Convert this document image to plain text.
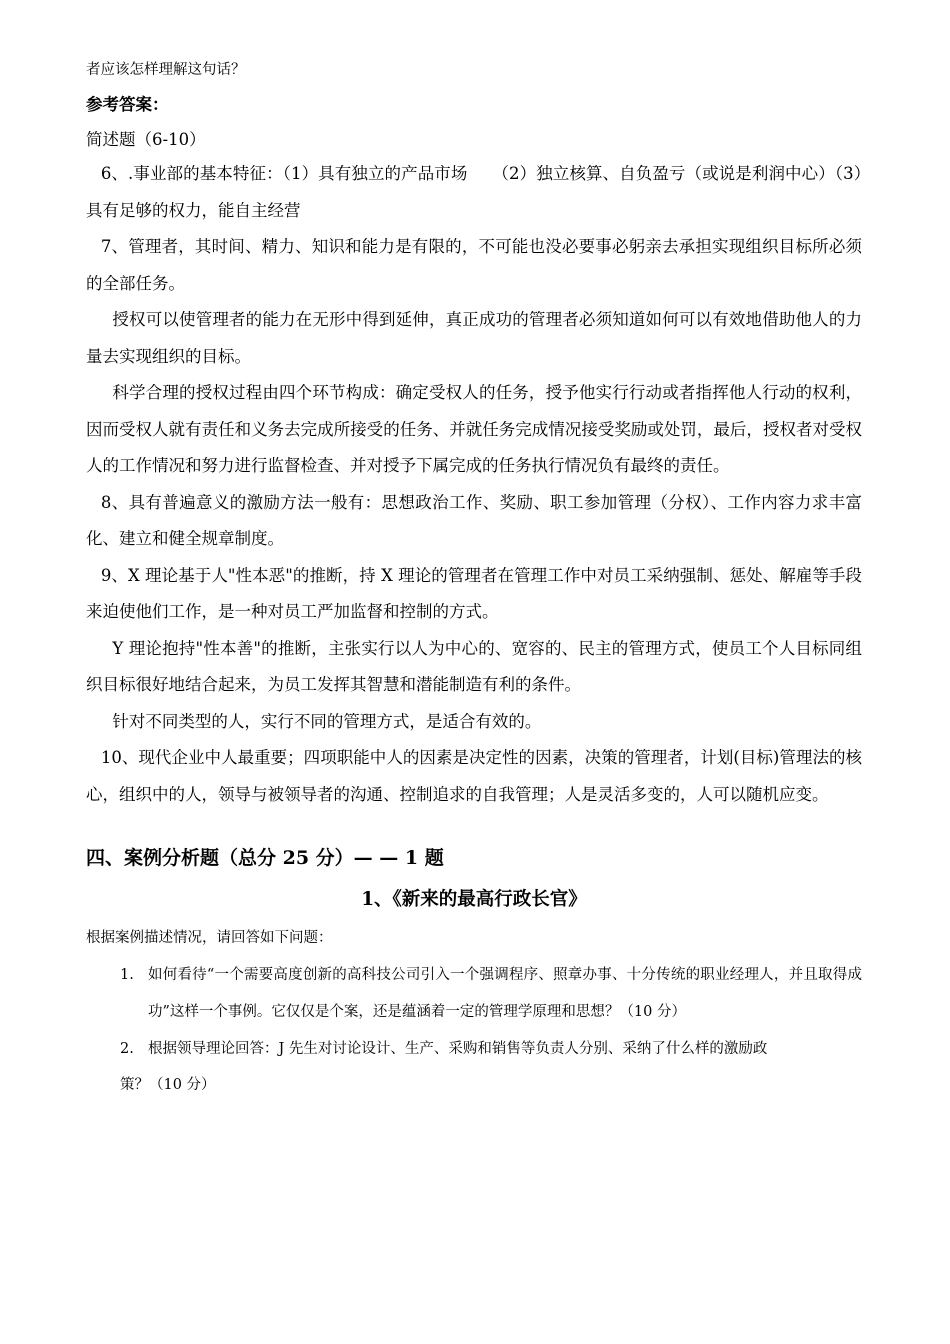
者应该怎样理解这句话？

参考答案：

简述题（6-10）

6、.事业部的基本特征：（1）具有独立的产品市场　　（2）独立核算、自负盈亏（或说是利润中心）（3）具有足够的权力，能自主经营

7、管理者，其时间、精力、知识和能力是有限的，不可能也没必要事必躬亲去承担实现组织目标所必须的全部任务。

授权可以使管理者的能力在无形中得到延伸，真正成功的管理者必须知道如何可以有效地借助他人的力量去实现组织的目标。

科学合理的授权过程由四个环节构成：确定受权人的任务，授予他实行行动或者指挥他人行动的权利，因而受权人就有责任和义务去完成所接受的任务、并就任务完成情况接受奖励或处罚，最后，授权者对受权人的工作情况和努力进行监督检查、并对授予下属完成的任务执行情况负有最终的责任。

8、具有普遍意义的激励方法一般有：思想政治工作、奖励、职工参加管理（分权）、工作内容力求丰富化、建立和健全规章制度。

9、X 理论基于人"性本恶"的推断，持 X 理论的管理者在管理工作中对员工采纳强制、惩处、解雇等手段来迫使他们工作，是一种对员工严加监督和控制的方式。

Y 理论抱持"性本善"的推断，主张实行以人为中心的、宽容的、民主的管理方式，使员工个人目标同组织目标很好地结合起来，为员工发挥其智慧和潜能制造有利的条件。

针对不同类型的人，实行不同的管理方式，是适合有效的。

10、现代企业中人最重要；四项职能中人的因素是决定性的因素，决策的管理者，计划(目标)管理法的核心，组织中的人，领导与被领导者的沟通、控制追求的自我管理；人是灵活多变的，人可以随机应变。

四、案例分析题（总分 25 分）— — 1 题

1、《新来的最高行政长官》

根据案例描述情况，请回答如下问题：

1. 如何看待“一个需要高度创新的高科技公司引入一个强调程序、照章办事、十分传统的职业经理人，并且取得成功”这样一个事例。它仅仅是个案，还是蕴涵着一定的管理学原理和思想？（10 分）
2. 根据领导理论回答：J 先生对讨论设计、生产、采购和销售等负责人分别、采纳了什么样的激励政

策？（10 分）
